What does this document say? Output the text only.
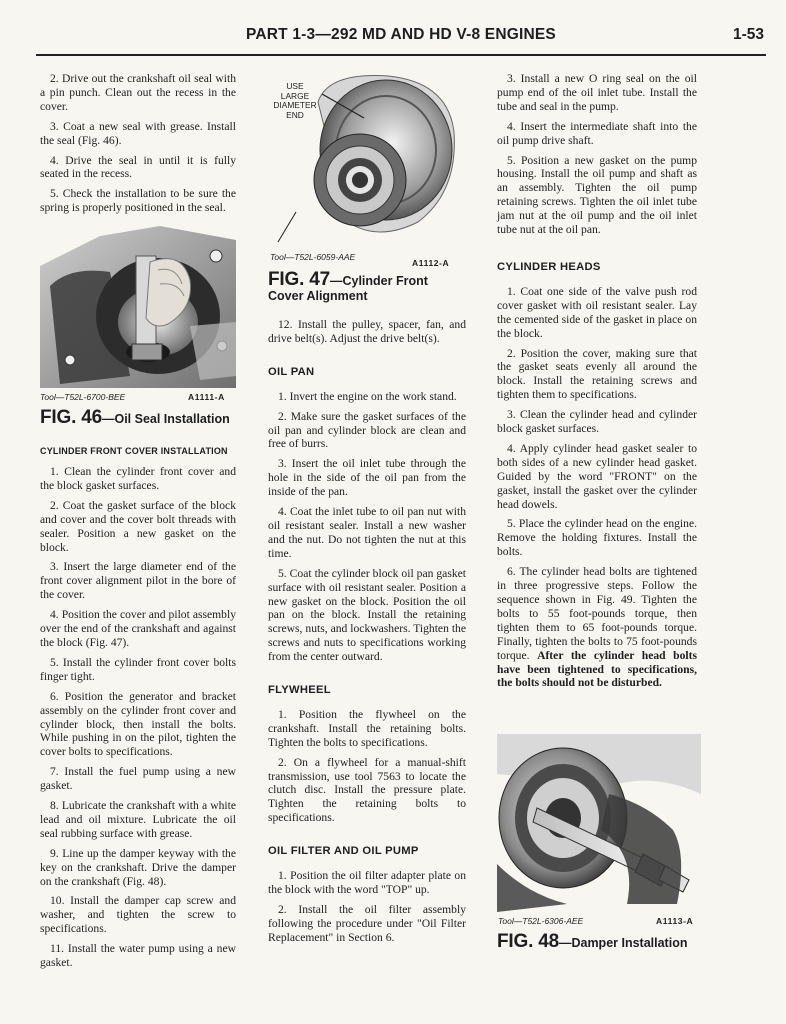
PART 1-3—292 MD AND HD V-8 ENGINES	1-53

2. Drive out the crankshaft oil seal with a pin punch. Clean out the recess in the cover.

3. Coat a new seal with grease. Install the seal (Fig. 46).

4. Drive the seal in until it is fully seated in the recess.

5. Check the installation to be sure the spring is properly positioned in the seal.

Tool—T52L-6700-BEE	A1111-A
FIG. 46—Oil Seal Installation
CYLINDER FRONT COVER INSTALLATION

1. Clean the cylinder front cover and the block gasket surfaces.

2. Coat the gasket surface of the block and cover and the cover bolt threads with sealer. Position a new gasket on the block.

3. Insert the large diameter end of the front cover alignment pilot in the bore of the cover.

4. Position the cover and pilot assembly over the end of the crankshaft and against the block (Fig. 47).

5. Install the cylinder front cover bolts finger tight.

6. Position the generator and bracket assembly on the cylinder front cover and cylinder block, then install the bolts. While pushing in on the pilot, tighten the cover bolts to specifications.

7. Install the fuel pump using a new gasket.

8. Lubricate the crankshaft with a white lead and oil mixture. Lubricate the oil seal rubbing surface with grease.

9. Line up the damper keyway with the key on the crankshaft. Drive the damper on the crankshaft (Fig. 48).

10. Install the damper cap screw and washer, and tighten the screw to specifications.

11. Install the water pump using a new gasket.

USE
LARGE
DIAMETER
END
Tool—T52L-6059-AAE
A1112-A
FIG. 47—Cylinder Front Cover Alignment

12. Install the pulley, spacer, fan, and drive belt(s). Adjust the drive belt(s).

OIL PAN

1. Invert the engine on the work stand.

2. Make sure the gasket surfaces of the oil pan and cylinder block are clean and free of burrs.

3. Insert the oil inlet tube through the hole in the side of the oil pan from the inside of the pan.

4. Coat the inlet tube to oil pan nut with oil resistant sealer. Install a new washer and the nut. Do not tighten the nut at this time.

5. Coat the cylinder block oil pan gasket surface with oil resistant sealer. Position a new gasket on the block. Position the oil pan on the block. Install the retaining screws, nuts, and lockwashers. Tighten the screws and nuts to specifications working from the center outward.

FLYWHEEL

1. Position the flywheel on the crankshaft. Install the retaining bolts. Tighten the bolts to specifications.

2. On a flywheel for a manual-shift transmission, use tool 7563 to locate the clutch disc. Install the pressure plate. Tighten the retaining bolts to specifications.

OIL FILTER AND OIL PUMP

1. Position the oil filter adapter plate on the block with the word "TOP" up.

2. Install the oil filter assembly following the procedure under "Oil Filter Replacement" in Section 6.

3. Install a new O ring seal on the oil pump end of the oil inlet tube. Install the tube and seal in the pump.

4. Insert the intermediate shaft into the oil pump drive shaft.

5. Position a new gasket on the pump housing. Install the oil pump and shaft as an assembly. Tighten the oil pump retaining screws. Tighten the oil inlet tube jam nut at the oil pump and the oil inlet tube nut at the oil pan.

CYLINDER HEADS

1. Coat one side of the valve push rod cover gasket with oil resistant sealer. Lay the cemented side of the gasket in place on the block.

2. Position the cover, making sure that the gasket seats evenly all around the block. Install the retaining screws and tighten them to specifications.

3. Clean the cylinder head and cylinder block gasket surfaces.

4. Apply cylinder head gasket sealer to both sides of a new cylinder head gasket. Guided by the word "FRONT" on the gasket, install the gasket over the cylinder head dowels.

5. Place the cylinder head on the engine. Remove the holding fixtures. Install the bolts.

6. The cylinder head bolts are tightened in three progressive steps. Follow the sequence shown in Fig. 49. Tighten the bolts to 55 foot-pounds torque, then tighten them to 65 foot-pounds torque. Finally, tighten the bolts to 75 foot-pounds torque. After the cylinder head bolts have been tightened to specifications, the bolts should not be disturbed.

Tool—T52L-6306-AEE	A1113-A
FIG. 48—Damper Installation
